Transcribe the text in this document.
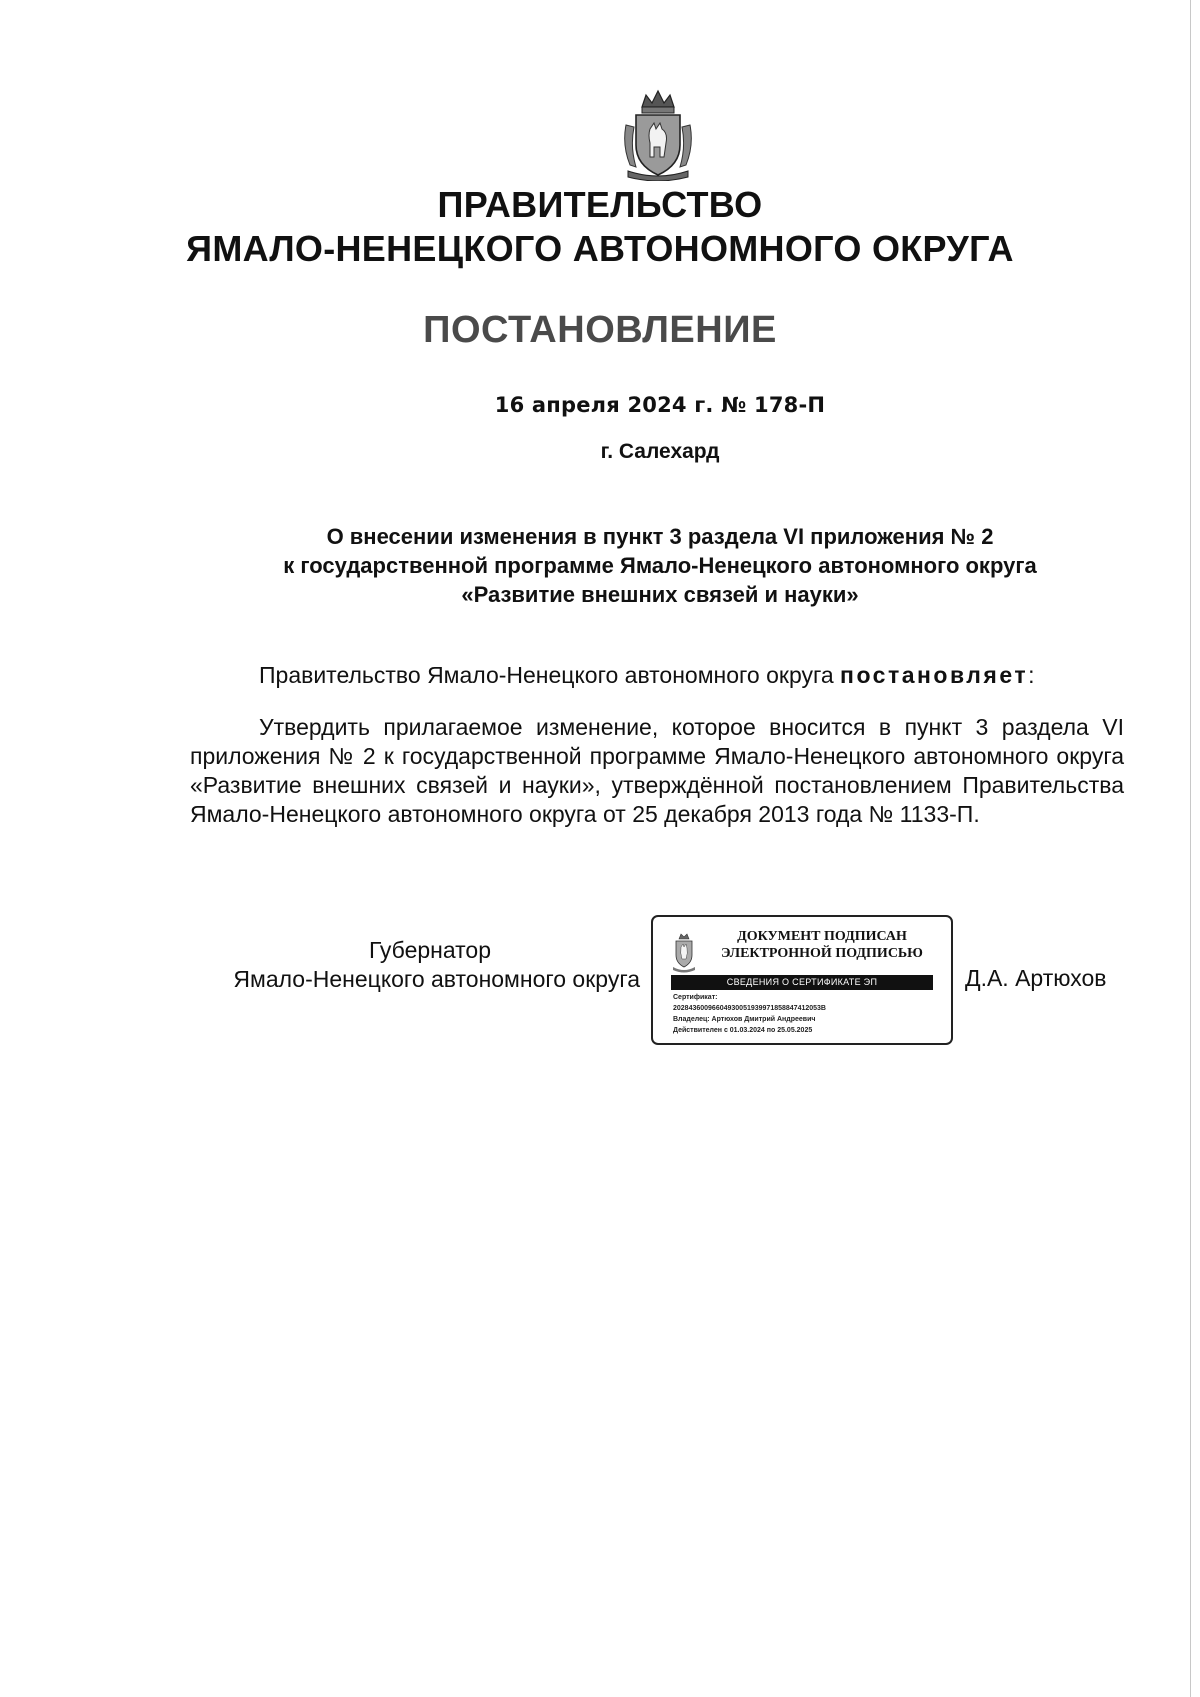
ПРАВИТЕЛЬСТВО
ЯМАЛО-НЕНЕЦКОГО АВТОНОМНОГО ОКРУГА
ПОСТАНОВЛЕНИЕ
16 апреля 2024 г. № 178-П
г. Салехард
О внесении изменения в пункт 3 раздела VI приложения № 2
к государственной программе Ямало-Ненецкого автономного округа
«Развитие внешних связей и науки»
Правительство Ямало-Ненецкого автономного округа постановляет:
Утвердить прилагаемое изменение, которое вносится в пункт 3 раздела VI приложения № 2 к государственной программе Ямало-Ненецкого автономного округа «Развитие внешних связей и науки», утверждённой постановлением Правительства Ямало-Ненецкого автономного округа от 25 декабря 2013 года № 1133-П.
Губернатор
Ямало-Ненецкого автономного округа
ДОКУМЕНТ ПОДПИСАН
ЭЛЕКТРОННОЙ ПОДПИСЬЮ
СВЕДЕНИЯ О СЕРТИФИКАТЕ ЭП
Сертификат:
20284360096604930051939971858847412053B
Владелец: Артюхов Дмитрий Андреевич
Действителен с 01.03.2024 по 25.05.2025
Д.А. Артюхов
